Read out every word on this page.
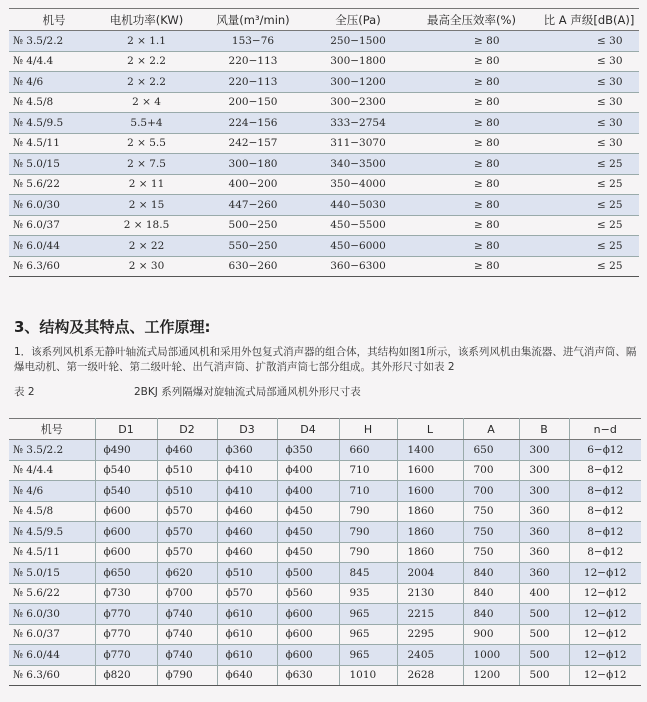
机号	电机功率(KW)	风量(m³/min)	全压(Pa)	最高全压效率(%)	比 A 声级[dB(A)]
№ 3.5/2.2	2 × 1.1	153−76	250−1500	≥ 80	≤ 30
№ 4/4.4	2 × 2.2	220−113	300−1800	≥ 80	≤ 30
№ 4/6	2 × 2.2	220−113	300−1200	≥ 80	≤ 30
№ 4.5/8	2 × 4	200−150	300−2300	≥ 80	≤ 30
№ 4.5/9.5	5.5+4	224−156	333−2754	≥ 80	≤ 30
№ 4.5/11	2 × 5.5	242−157	311−3070	≥ 80	≤ 30
№ 5.0/15	2 × 7.5	300−180	340−3500	≥ 80	≤ 25
№ 5.6/22	2 × 11	400−200	350−4000	≥ 80	≤ 25
№ 6.0/30	2 × 15	447−260	440−5030	≥ 80	≤ 25
№ 6.0/37	2 × 18.5	500−250	450−5500	≥ 80	≤ 25
№ 6.0/44	2 × 22	550−250	450−6000	≥ 80	≤ 25
№ 6.3/60	2 × 30	630−260	360−6300	≥ 80	≤ 25
3、结构及其特点、工作原理:

1．该系列风机系无静叶轴流式局部通风机和采用外包复式消声器的组合体，其结构如图1所示，该系列风机由集流器、进气消声筒、隔爆电动机、第一级叶轮、第二级叶轮、出气消声筒、扩散消声筒七部分组成。其外形尺寸如表 2

表 2	2BKJ 系列隔爆对旋轴流式局部通风机外形尺寸表
机号	D1	D2	D3	D4	H	L	A	B	n−d
№ 3.5/2.2	ϕ490	ϕ460	ϕ360	ϕ350	660	1400	650	300	6−ϕ12
№ 4/4.4	ϕ540	ϕ510	ϕ410	ϕ400	710	1600	700	300	8−ϕ12
№ 4/6	ϕ540	ϕ510	ϕ410	ϕ400	710	1600	700	300	8−ϕ12
№ 4.5/8	ϕ600	ϕ570	ϕ460	ϕ450	790	1860	750	360	8−ϕ12
№ 4.5/9.5	ϕ600	ϕ570	ϕ460	ϕ450	790	1860	750	360	8−ϕ12
№ 4.5/11	ϕ600	ϕ570	ϕ460	ϕ450	790	1860	750	360	8−ϕ12
№ 5.0/15	ϕ650	ϕ620	ϕ510	ϕ500	845	2004	840	360	12−ϕ12
№ 5.6/22	ϕ730	ϕ700	ϕ570	ϕ560	935	2130	840	400	12−ϕ12
№ 6.0/30	ϕ770	ϕ740	ϕ610	ϕ600	965	2215	840	500	12−ϕ12
№ 6.0/37	ϕ770	ϕ740	ϕ610	ϕ600	965	2295	900	500	12−ϕ12
№ 6.0/44	ϕ770	ϕ740	ϕ610	ϕ600	965	2405	1000	500	12−ϕ12
№ 6.3/60	ϕ820	ϕ790	ϕ640	ϕ630	1010	2628	1200	500	12−ϕ12
